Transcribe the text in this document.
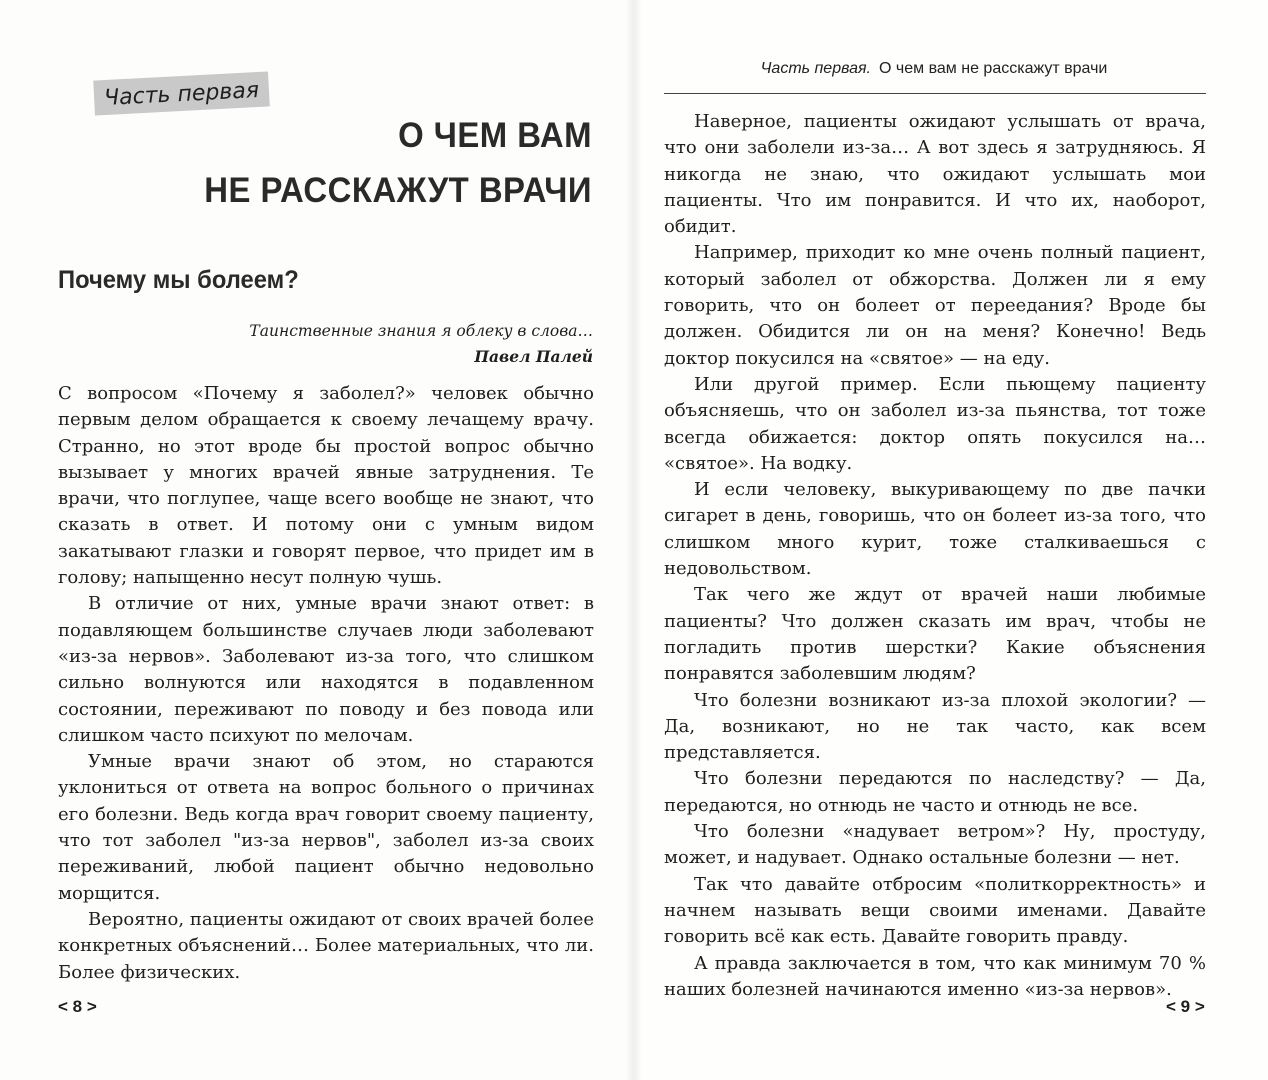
Часть первая
О ЧЕМ ВАМ
НЕ РАССКАЖУТ ВРАЧИ
Почему мы болеем?
Таинственные знания я облеку в слова…
Павел Палей

С вопросом «Почему я заболел?» человек обычно первым делом обращается к своему лечащему врачу. Странно, но этот вроде бы простой вопрос обычно вызывает у многих врачей явные затруднения. Те врачи, что поглупее, чаще всего вообще не знают, что сказать в ответ. И потому они с умным видом закатывают глазки и говорят первое, что придет им в голову; напыщенно несут полную чушь.

В отличие от них, умные врачи знают ответ: в подавляющем большинстве случаев люди заболевают «из-за нервов». Заболевают из-за того, что слишком сильно волнуются или находятся в подавленном состоянии, переживают по поводу и без повода или слишком часто психуют по мелочам.

Умные врачи знают об этом, но стараются уклониться от ответа на вопрос больного о причинах его болезни. Ведь когда врач говорит своему пациенту, что тот заболел "из-за нервов", заболел из-за своих переживаний, любой пациент обычно недовольно морщится.

Вероятно, пациенты ожидают от своих врачей более конкретных объяснений… Более материальных, что ли. Более физических.

< 8 >
Часть первая. О чем вам не расскажут врачи

Наверное, пациенты ожидают услышать от врача, что они заболели из-за… А вот здесь я затрудняюсь. Я никогда не знаю, что ожидают услышать мои пациенты. Что им понравится. И что их, наоборот, обидит.

Например, приходит ко мне очень полный пациент, который заболел от обжорства. Должен ли я ему говорить, что он болеет от переедания? Вроде бы должен. Обидится ли он на меня? Конечно! Ведь доктор покусился на «святое» — на еду.

Или другой пример. Если пьющему пациенту объясняешь, что он заболел из-за пьянства, тот тоже всегда обижается: доктор опять покусился на… «святое». На водку.

И если человеку, выкуривающему по две пачки сигарет в день, говоришь, что он болеет из-за того, что слишком много курит, тоже сталкиваешься с недовольством.

Так чего же ждут от врачей наши любимые пациенты? Что должен сказать им врач, чтобы не погладить против шерстки? Какие объяснения понравятся заболевшим людям?

Что болезни возникают из-за плохой экологии? — Да, возникают, но не так часто, как всем представляется.

Что болезни передаются по наследству? — Да, передаются, но отнюдь не часто и отнюдь не все.

Что болезни «надувает ветром»? Ну, простуду, может, и надувает. Однако остальные болезни — нет.

Так что давайте отбросим «политкорректность» и начнем называть вещи своими именами. Давайте говорить всё как есть. Давайте говорить правду.

А правда заключается в том, что как минимум 70 % наших болезней начинаются именно «из-за нервов».

< 9 >
